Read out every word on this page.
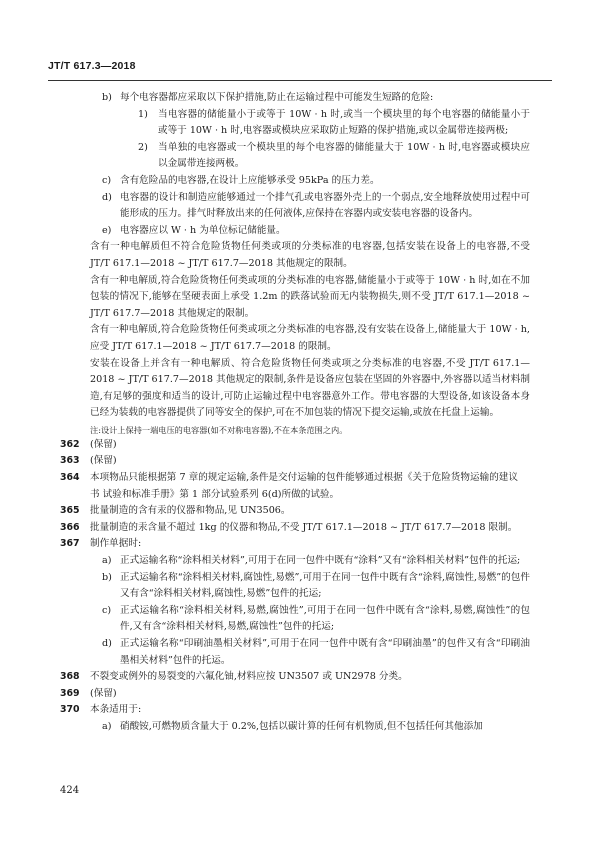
JT/T 617.3—2018
b) 每个电容器都应采取以下保护措施,防止在运输过程中可能发生短路的危险:
1)	当电容器的储能量小于或等于 10W · h 时,或当一个模块里的每个电容器的储能量小于或等于 10W · h 时,电容器或模块应采取防止短路的保护措施,或以金属带连接两极;
2)	当单独的电容器或一个模块里的每个电容器的储能量大于 10W · h 时,电容器或模块应以金属带连接两极。
c) 含有危险品的电容器,在设计上应能够承受 95kPa 的压力差。
d) 电容器的设计和制造应能够通过一个排气孔或电容器外壳上的一个弱点,安全地释放使用过程中可能形成的压力。排气时释放出来的任何液体,应保持在容器内或安装电容器的设备内。
e) 电容器应以 W · h 为单位标记储能量。
含有一种电解质但不符合危险货物任何类或项的分类标准的电容器,包括安装在设备上的电容器,不受 JT/T 617.1—2018 ~ JT/T 617.7—2018 其他规定的限制。
含有一种电解质,符合危险货物任何类或项的分类标准的电容器,储能量小于或等于 10W · h 时,如在不加包装的情况下,能够在坚硬表面上承受 1.2m 的跌落试验而无内装物损失,则不受 JT/T 617.1—2018 ~ JT/T 617.7—2018 其他规定的限制。
含有一种电解质,符合危险货物任何类或项之分类标准的电容器,没有安装在设备上,储能量大于 10W · h,应受 JT/T 617.1—2018 ~ JT/T 617.7—2018 的限制。
安装在设备上并含有一种电解质、符合危险货物任何类或项之分类标准的电容器,不受 JT/T 617.1—2018 ~ JT/T 617.7—2018 其他规定的限制,条件是设备应包装在坚固的外容器中,外容器以适当材料制造,有足够的强度和适当的设计,可防止运输过程中电容器意外工作。带电容器的大型设备,如该设备本身已经为装载的电容器提供了同等安全的保护,可在不加包装的情况下提交运输,或放在托盘上运输。
注:设计上保持一端电压的电容器(如不对称电容器),不在本条范围之内。
362	(保留)
363	(保留)
364	本项物品只能根据第 7 章的规定运输,条件是交付运输的包件能够通过根据《关于危险货物运输的建议书 试验和标准手册》第 1 部分试验系列 6(d)所做的试验。
365	批量制造的含有汞的仪器和物品,见 UN3506。
366	批量制造的汞含量不超过 1kg 的仪器和物品,不受 JT/T 617.1—2018 ~ JT/T 617.7—2018 限制。
367	制作单据时:
a) 正式运输名称“涂料相关材料”,可用于在同一包件中既有“涂料”又有“涂料相关材料”包件的托运;
b) 正式运输名称“涂料相关材料,腐蚀性,易燃”,可用于在同一包件中既有含“涂料,腐蚀性,易燃”的包件又有含“涂料相关材料,腐蚀性,易燃”包件的托运;
c) 正式运输名称“涂料相关材料,易燃,腐蚀性”,可用于在同一包件中既有含“涂料,易燃,腐蚀性”的包件,又有含“涂料相关材料,易燃,腐蚀性”包件的托运;
d) 正式运输名称“印刷油墨相关材料”,可用于在同一包件中既有含“印刷油墨”的包件又有含“印刷油墨相关材料”包件的托运。
368	不裂变或例外的易裂变的六氟化铀,材料应按 UN3507 或 UN2978 分类。
369	(保留)
370	本条适用于:
a) 硝酸铵,可燃物质含量大于 0.2%,包括以碳计算的任何有机物质,但不包括任何其他添加
424
